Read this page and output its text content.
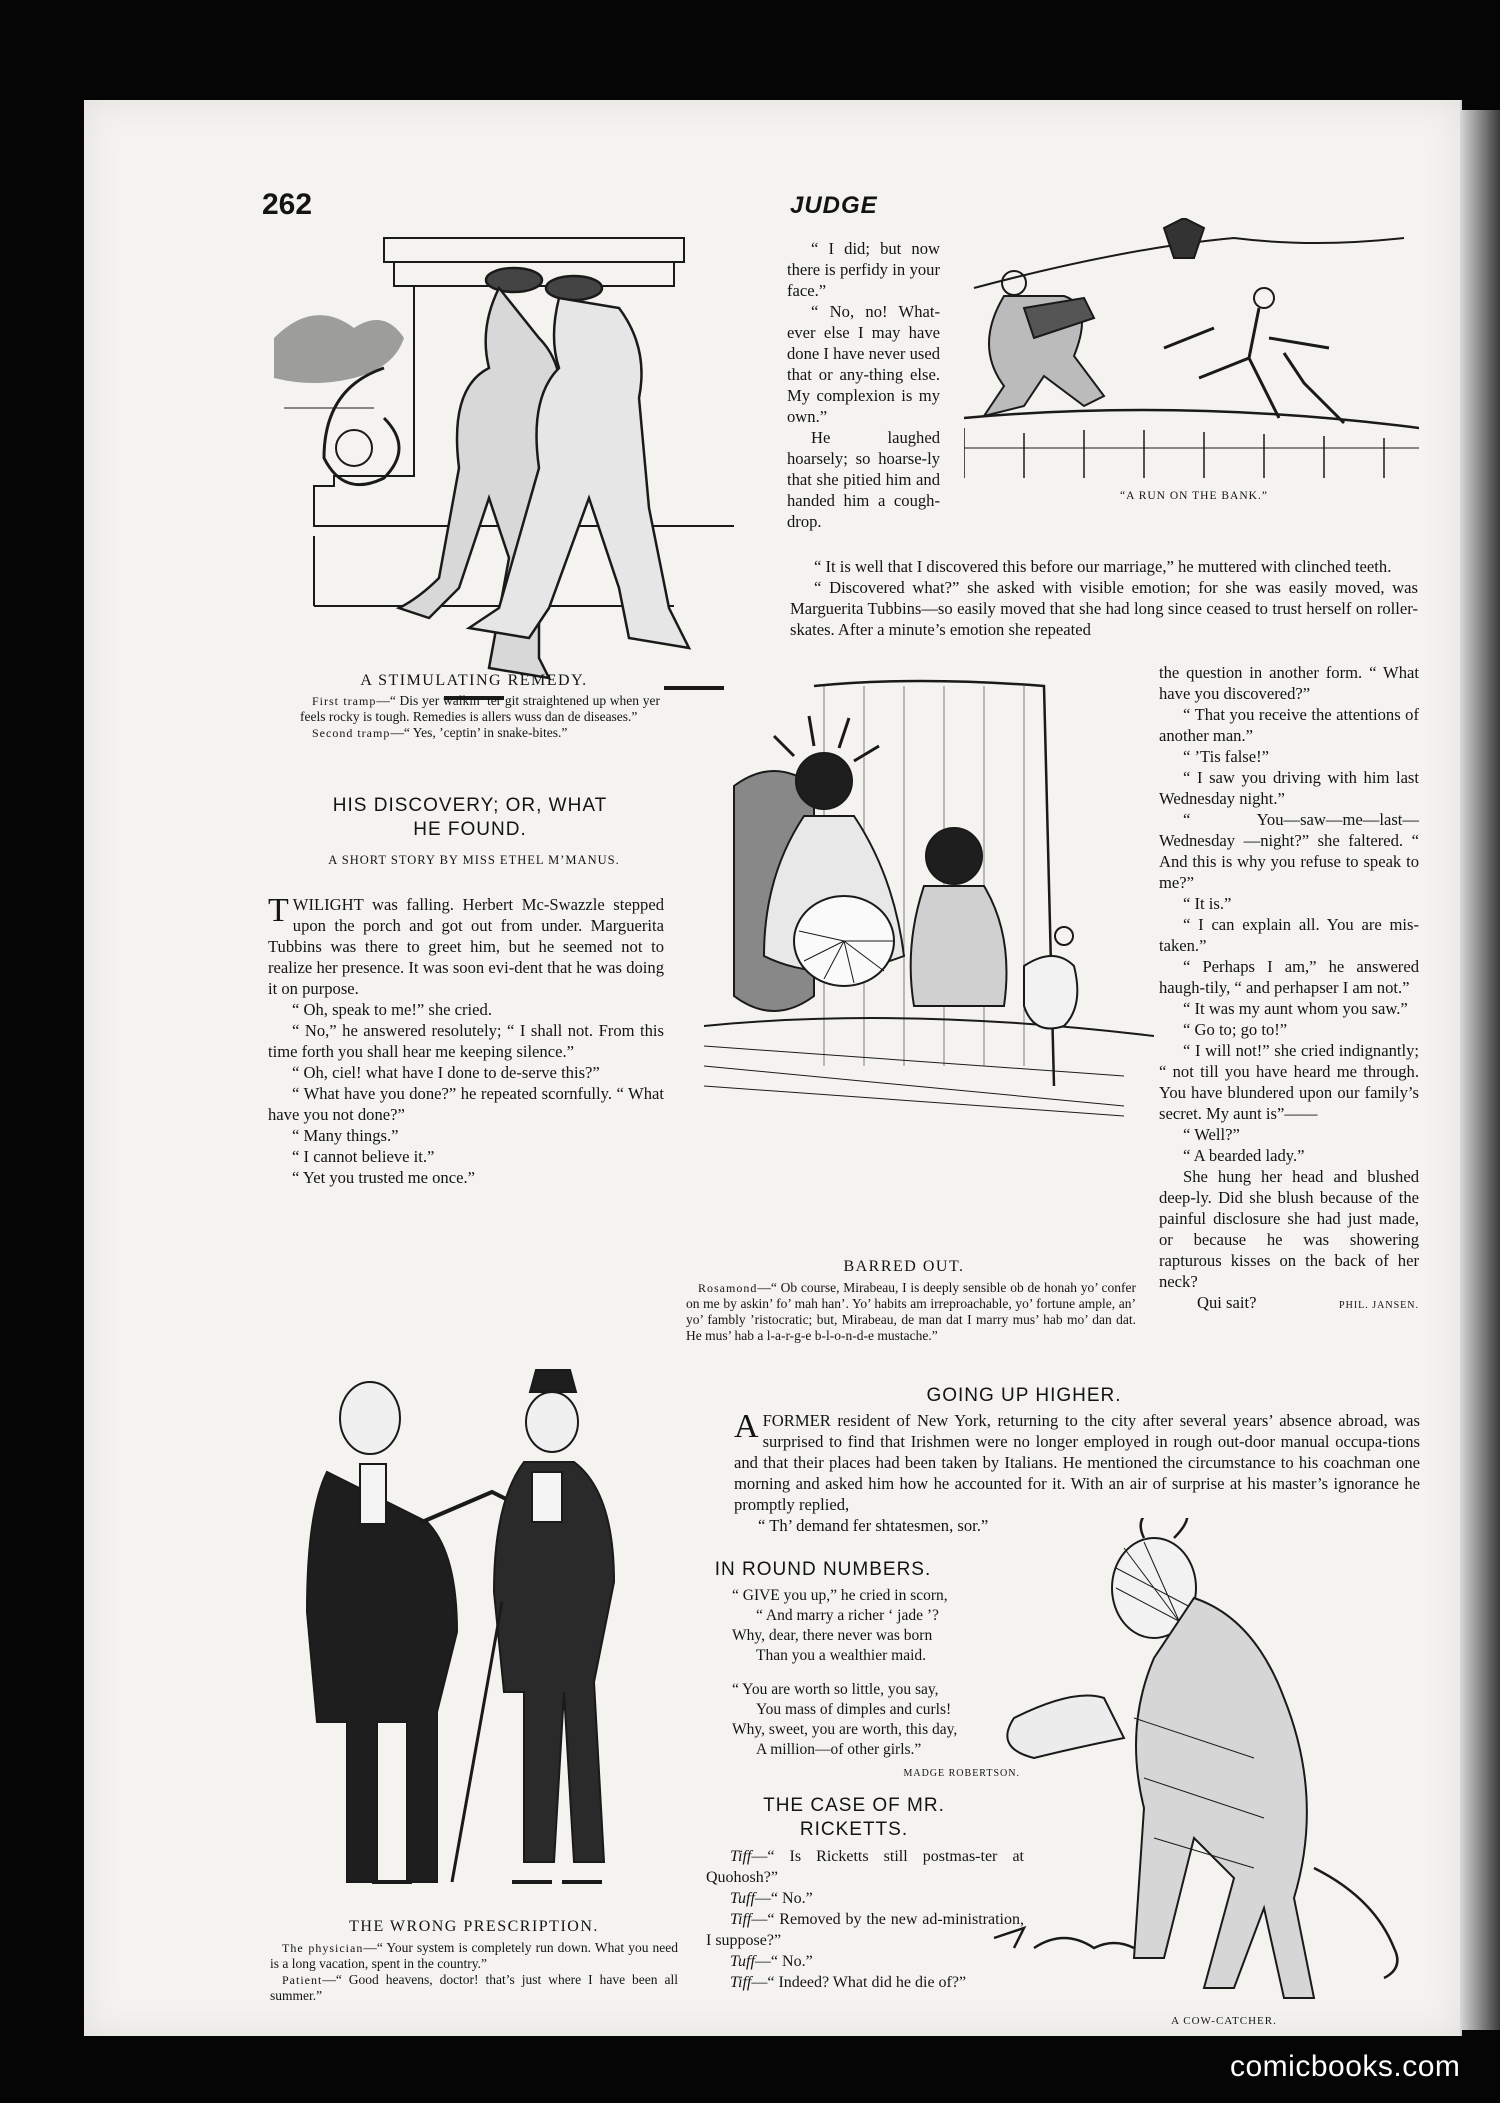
262	JUDGE
“A RUN ON THE BANK.”

“ I did; but now there is perfidy in your face.”

“ No, no! What-ever else I may have done I have never used that or any-thing else. My complexion is my own.”

He laughed hoarsely; so hoarse-ly that she pitied him and handed him a cough-drop.

“ It is well that I discovered this before our marriage,” he muttered with clinched teeth.

“ Discovered what?” she asked with visible emotion; for she was easily moved, was Marguerita Tubbins—so easily moved that she had long since ceased to trust herself on roller-skates. After a minute’s emotion she repeated

A STIMULATING REMEDY.

First tramp—“ Dis yer walkin’ ter git straightened up when yer feels rocky is tough. Remedies is allers wuss dan de diseases.”

Second tramp—“ Yes, ’ceptin’ in snake-bites.”

HIS DISCOVERY; OR, WHAT HE FOUND.
A SHORT STORY BY MISS ETHEL M’MANUS.
TWILIGHT was falling. Herbert Mc-Swazzle stepped upon the porch and got out from under. Marguerita Tubbins was there to greet him, but he seemed not to realize her presence. It was soon evi-dent that he was doing it on purpose.

“ Oh, speak to me!” she cried.

“ No,” he answered resolutely; “ I shall not. From this time forth you shall hear me keeping silence.”

“ Oh, ciel! what have I done to de-serve this?”

“ What have you done?” he repeated scornfully. “ What have you not done?”

“ Many things.”

“ I cannot believe it.”

“ Yet you trusted me once.”

BARRED OUT.

Rosamond—“ Ob course, Mirabeau, I is deeply sensible ob de honah yo’ confer on me by askin’ fo’ mah han’. Yo’ habits am irreproachable, yo’ fortune ample, an’ yo’ fambly ’ristocratic; but, Mirabeau, de man dat I marry mus’ hab mo’ dan dat. He mus’ hab a l-a-r-g-e b-l-o-n-d-e mustache.”

the question in another form. “ What have you discovered?”

“ That you receive the attentions of another man.”

“ ’Tis false!”

“ I saw you driving with him last Wednesday night.”

“ You—saw—me—last—Wednesday —night?” she faltered. “ And this is why you refuse to speak to me?”

“ It is.”

“ I can explain all. You are mis-taken.”

“ Perhaps I am,” he answered haugh-tily, “ and perhapser I am not.”

“ It was my aunt whom you saw.”

“ Go to; go to!”

“ I will not!” she cried indignantly; “ not till you have heard me through. You have blundered upon our family’s secret. My aunt is”——

“ Well?”

“ A bearded lady.”

She hung her head and blushed deep-ly. Did she blush because of the painful disclosure she had just made, or because he was showering rapturous kisses on the back of her neck?

Qui sait?	PHIL. JANSEN.
GOING UP HIGHER.
AFORMER resident of New York, returning to the city after several years’ absence abroad, was surprised to find that Irishmen were no longer employed in rough out-door manual occupa-tions and that their places had been taken by Italians. He mentioned the circumstance to his coachman one morning and asked him how he accounted for it. With an air of surprise at his master’s ignorance he promptly replied,

“ Th’ demand fer shtatesmen, sor.”

THE WRONG PRESCRIPTION.

The physician—“ Your system is completely run down. What you need is a long vacation, spent in the country.”

Patient—“ Good heavens, doctor! that’s just where I have been all summer.”

IN ROUND NUMBERS.
“ GIVE you up,” he cried in scorn,
“ And marry a richer ‘ jade ’?
Why, dear, there never was born
Than you a wealthier maid.
“ You are worth so little, you say,
You mass of dimples and curls!
Why, sweet, you are worth, this day,
A million—of other girls.”
MADGE ROBERTSON.
THE CASE OF MR. RICKETTS.

Tiff—“ Is Ricketts still postmas-ter at Quohosh?”

Tuff—“ No.”

Tiff—“ Removed by the new ad-ministration, I suppose?”

Tuff—“ No.”

Tiff—“ Indeed? What did he die of?”

A COW-CATCHER.
comicbooks.com
